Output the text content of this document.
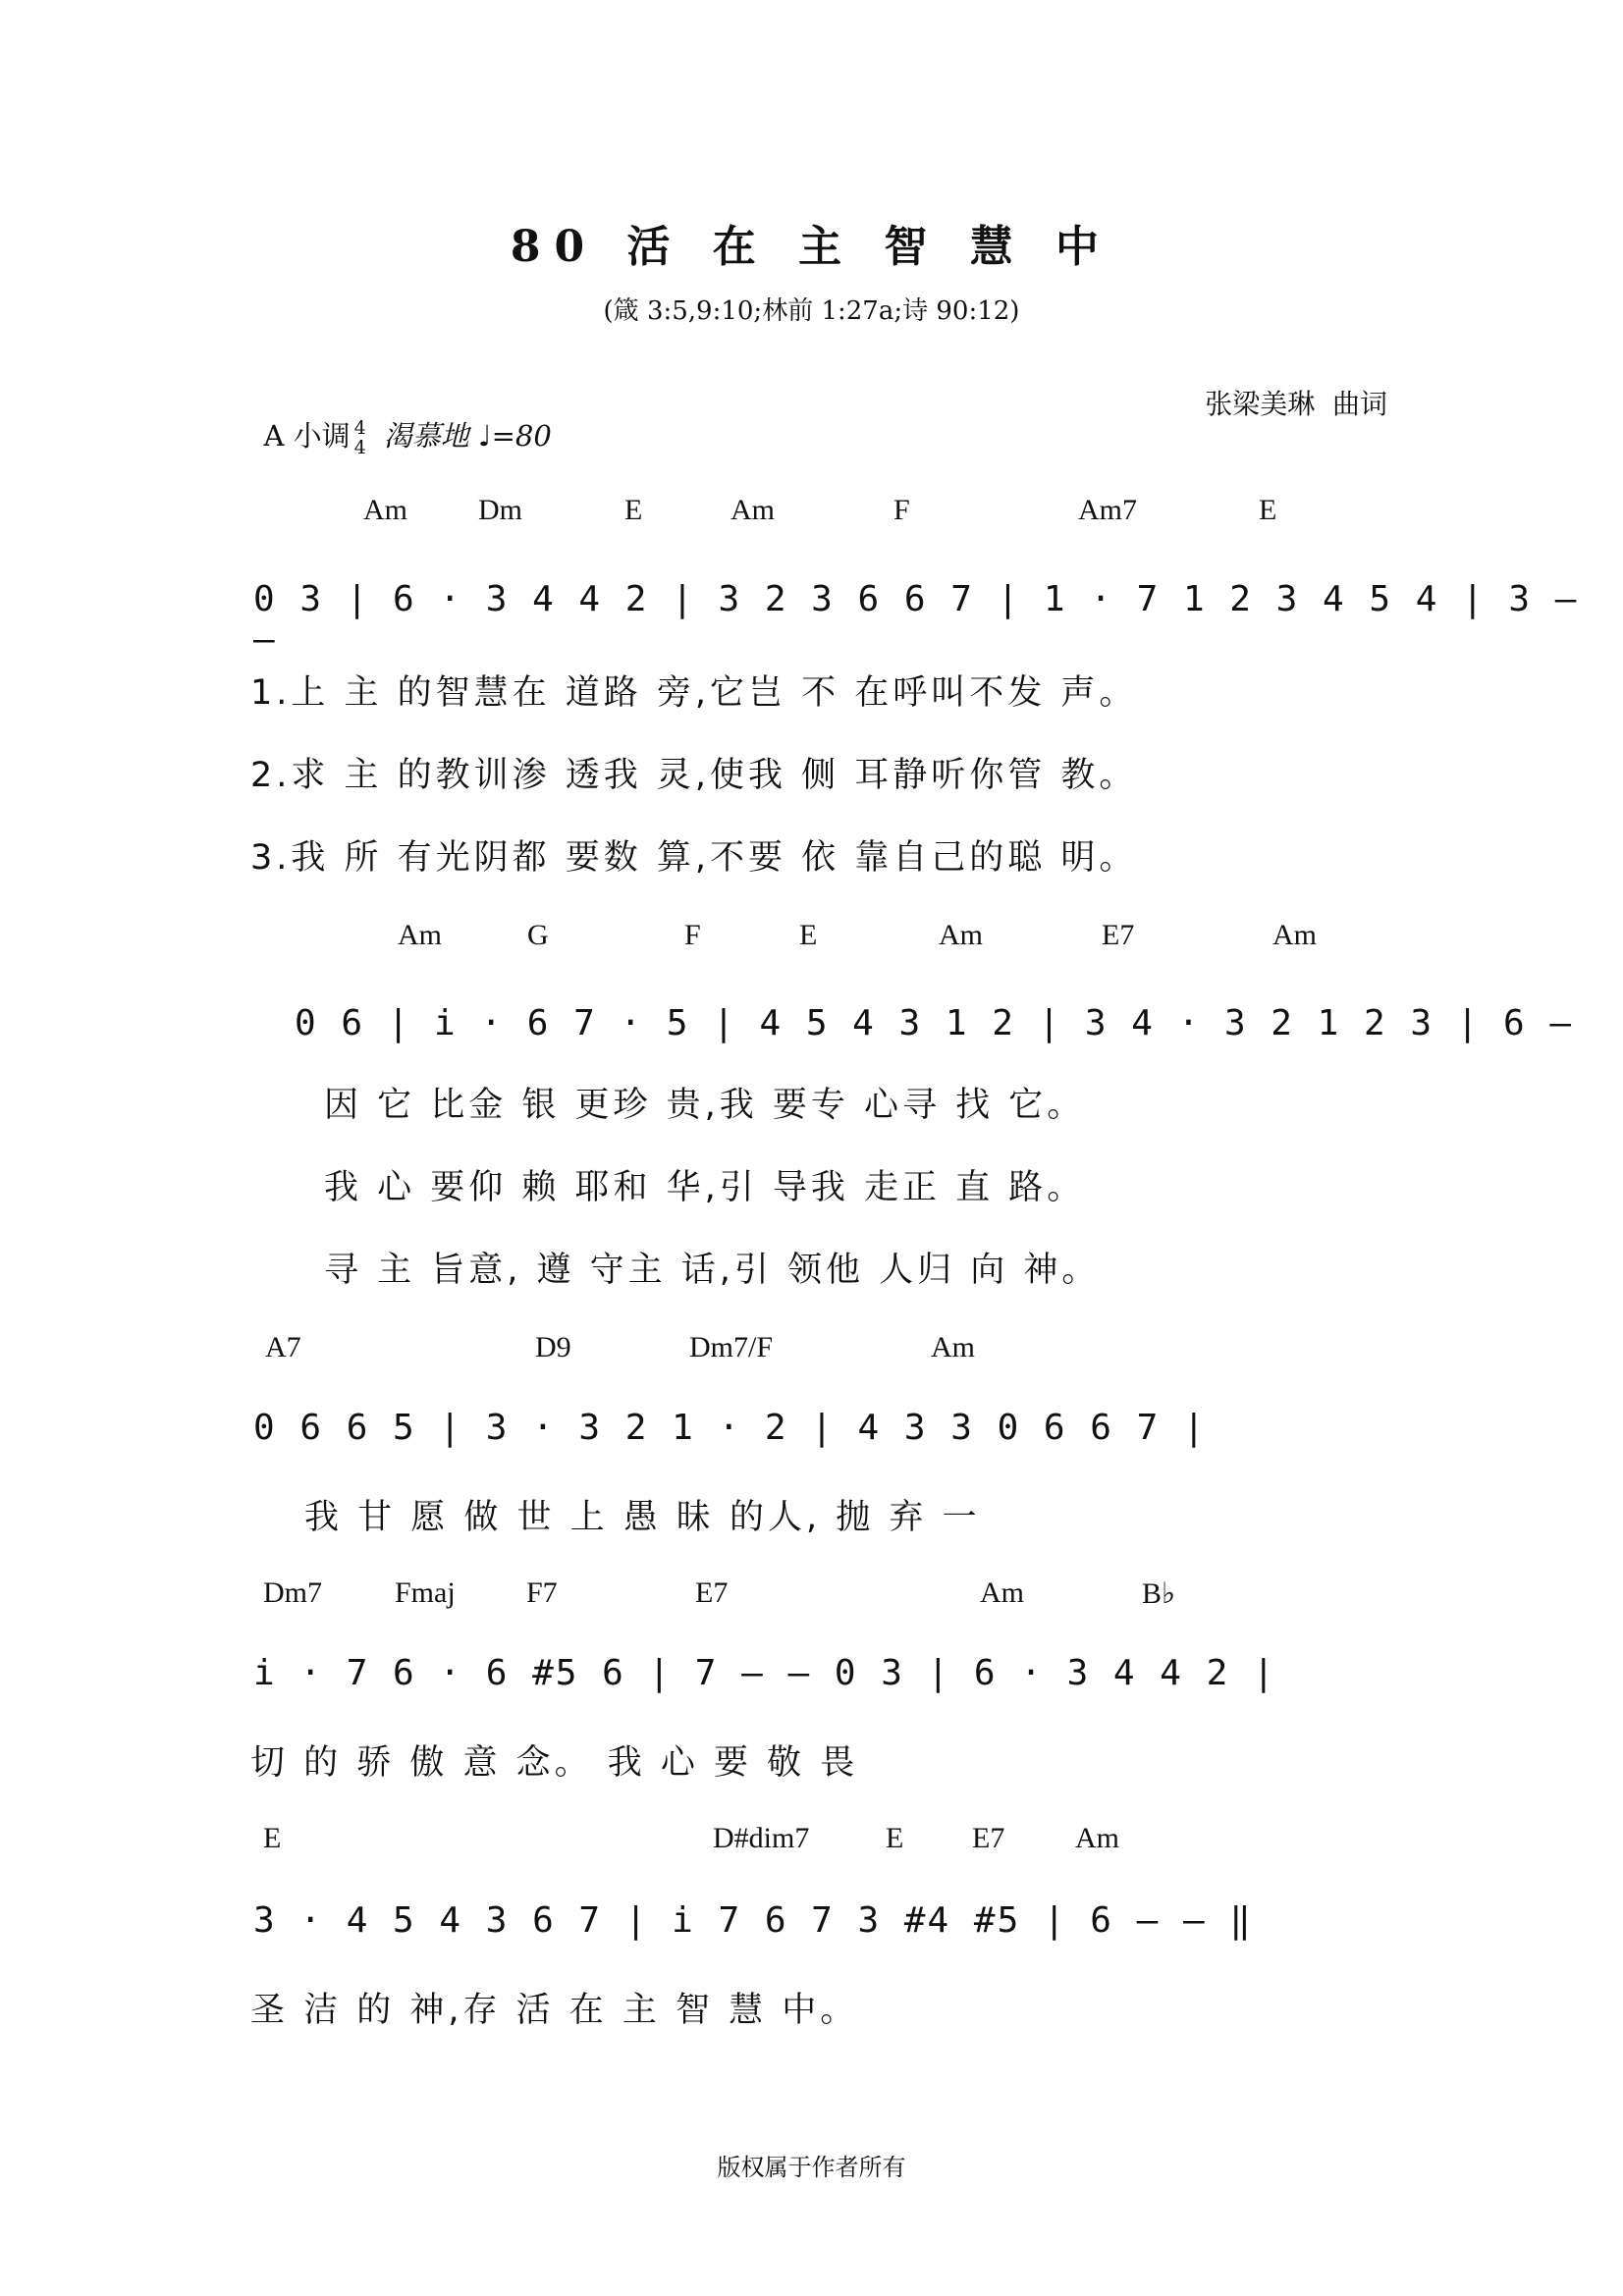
80 活 在 主 智 慧 中
(箴 3:5,9:10;林前 1:27a;诗 90:12)

A 小调 4
4 渴慕地 ♩=80

张梁美琳  曲词
Am Dm	E	Am	F	Am7	E
0 3 | 6 · 3 4 4 2 | 3 2 3 6 6 7 | 1 · 7 1 2 3 4 5 4 | 3 – –
1.上 主 的智慧在 道路 旁,它岂 不 在呼叫不发 声。
2.求 主 的教训渗 透我 灵,使我 侧 耳静听你管 教。
3.我 所 有光阴都 要数 算,不要 依 靠自己的聪 明。
Am	G	F	E	Am	E7	Am
0 6 | i · 6 7 · 5 | 4 5 4 3 1 2 | 3 4 · 3 2 1 2 3 | 6 –
因 它 比金 银 更珍 贵,我 要专 心寻 找 它。
我 心 要仰 赖 耶和 华,引 导我 走正 直 路。
寻 主 旨意, 遵 守主 话,引 领他 人归 向 神。
A7	D9	Dm7/F	Am
0 6 6 5 | 3 · 3 2 1 · 2 | 4 3 3 0 6 6 7 |
我 甘 愿 做 世 上 愚 昧 的人, 抛 弃 一
Dm7 Fmaj F7	E7	Am	B♭
i · 7 6 · 6 #5 6 | 7 – – 0 3 | 6 · 3 4 4 2 |
切 的 骄 傲 意 念。 我 心 要 敬 畏
E	D#dim7	E E7 Am
3 · 4 5 4 3 6 7 | i 7 6 7 3 #4 #5 | 6 – – ‖
圣 洁 的 神,存 活 在 主 智 慧 中。
版权属于作者所有
